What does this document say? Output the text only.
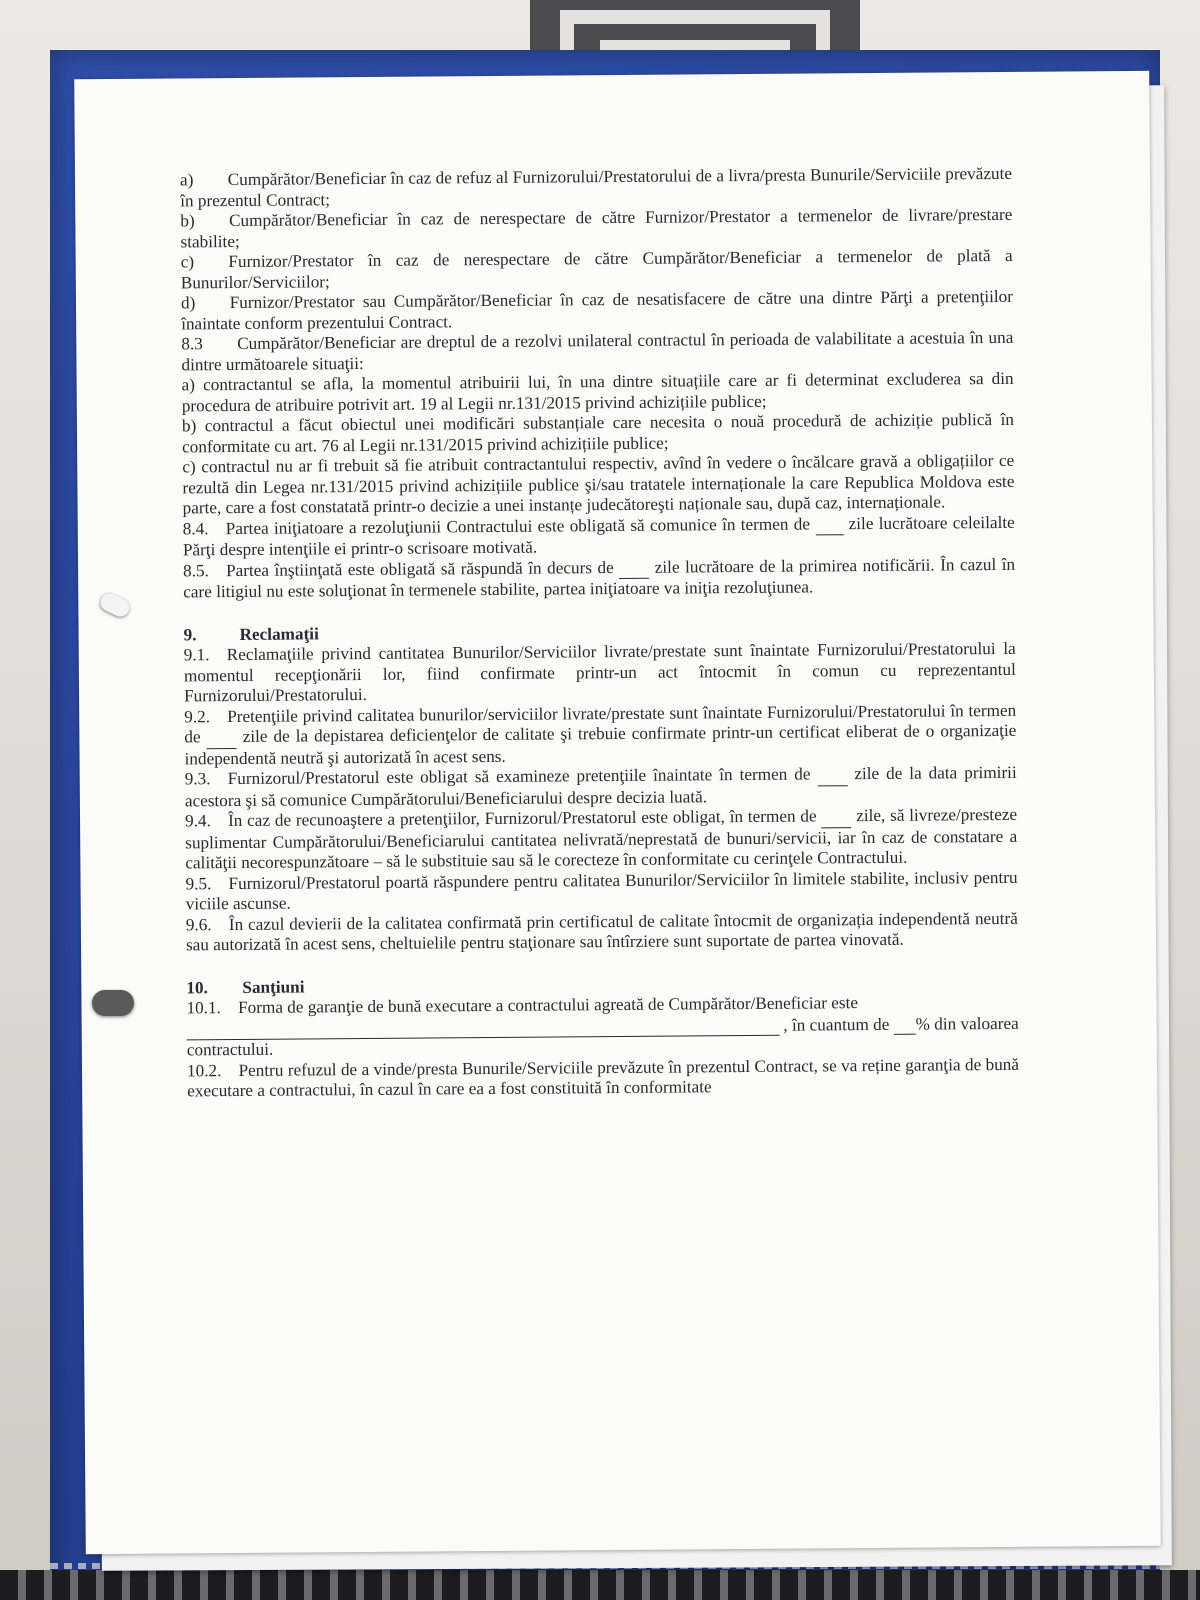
a)  Cumpărător/Beneficiar în caz de refuz al Furnizorului/Prestatorului de a livra/presta Bunurile/Serviciile prevăzute în prezentul Contract;

b)  Cumpărător/Beneficiar în caz de nerespectare de către Furnizor/Prestator a termenelor de livrare/prestare stabilite;

c)  Furnizor/Prestator în caz de nerespectare de către Cumpărător/Beneficiar a termenelor de plată a Bunurilor/Serviciilor;

d)  Furnizor/Prestator sau Cumpărător/Beneficiar în caz de nesatisfacere de către una dintre Părţi a pretenţiilor înaintate conform prezentului Contract.

8.3  Cumpărător/Beneficiar are dreptul de a rezolvi unilateral contractul în perioada de valabilitate a acestuia în una dintre următoarele situaţii:

a) contractantul se afla, la momentul atribuirii lui, în una dintre situațiile care ar fi determinat excluderea sa din procedura de atribuire potrivit art. 19 al Legii nr.131/2015 privind achizițiile publice;

b) contractul a făcut obiectul unei modificări substanțiale care necesita o nouă procedură de achiziție publică în conformitate cu art. 76 al Legii nr.131/2015 privind achizițiile publice;

c) contractul nu ar fi trebuit să fie atribuit contractantului respectiv, avînd în vedere o încălcare gravă a obligațiilor ce rezultă din Legea nr.131/2015 privind achizițiile publice şi/sau tratatele internaționale la care Republica Moldova este parte, care a fost constatată printr-o decizie a unei instanțe judecătoreşti naționale sau, după caz, internaționale.

8.4. Partea iniţiatoare a rezoluţiunii Contractului este obligată să comunice în termen de zile lucrătoare celeilalte Părţi despre intenţiile ei printr-o scrisoare motivată.

8.5. Partea înştiinţată este obligată să răspundă în decurs de zile lucrătoare de la primirea notificării. În cazul în care litigiul nu este soluţionat în termenele stabilite, partea iniţiatoare va iniţia rezoluţiunea.

9. Reclamaţii

9.1. Reclamaţiile privind cantitatea Bunurilor/Serviciilor livrate/prestate sunt înaintate Furnizorului/Prestatorului la momentul recepţionării lor, fiind confirmate printr-un act întocmit în comun cu reprezentantul Furnizorului/Prestatorului.

9.2. Pretenţiile privind calitatea bunurilor/serviciilor livrate/prestate sunt înaintate Furnizorului/Prestatorului în termen de zile de la depistarea deficienţelor de calitate şi trebuie confirmate printr-un certificat eliberat de o organizaţie independentă neutră şi autorizată în acest sens.

9.3. Furnizorul/Prestatorul este obligat să examineze pretenţiile înaintate în termen de	zile de la data primirii acestora şi să comunice Cumpărătorului/Beneficiarului despre decizia luată.

9.4. În caz de recunoaştere a pretenţiilor, Furnizorul/Prestatorul este obligat, în termen de zile, să livreze/presteze suplimentar Cumpărătorului/Beneficiarului cantitatea nelivrată/neprestată de bunuri/servicii, iar în caz de constatare a calităţii necorespunzătoare – să le substituie sau să le corecteze în conformitate cu cerinţele Contractului.

9.5. Furnizorul/Prestatorul poartă răspundere pentru calitatea Bunurilor/Serviciilor în limitele stabilite, inclusiv pentru viciile ascunse.

9.6. În cazul devierii de la calitatea confirmată prin certificatul de calitate întocmit de organizația independentă neutră sau autorizată în acest sens, cheltuielile pentru staţionare sau întîrziere sunt suportate de partea vinovată.

10. Sanţiuni

10.1. Forma de garanţie de bună executare a contractului agreată de Cumpărător/Beneficiar este

, în cuantum de

% din valoarea

contractului.

10.2. Pentru refuzul de a vinde/presta Bunurile/Serviciile prevăzute în prezentul Contract, se va reține garanţia de bună executare a contractului, în cazul în care ea a fost constituită în conformitate
